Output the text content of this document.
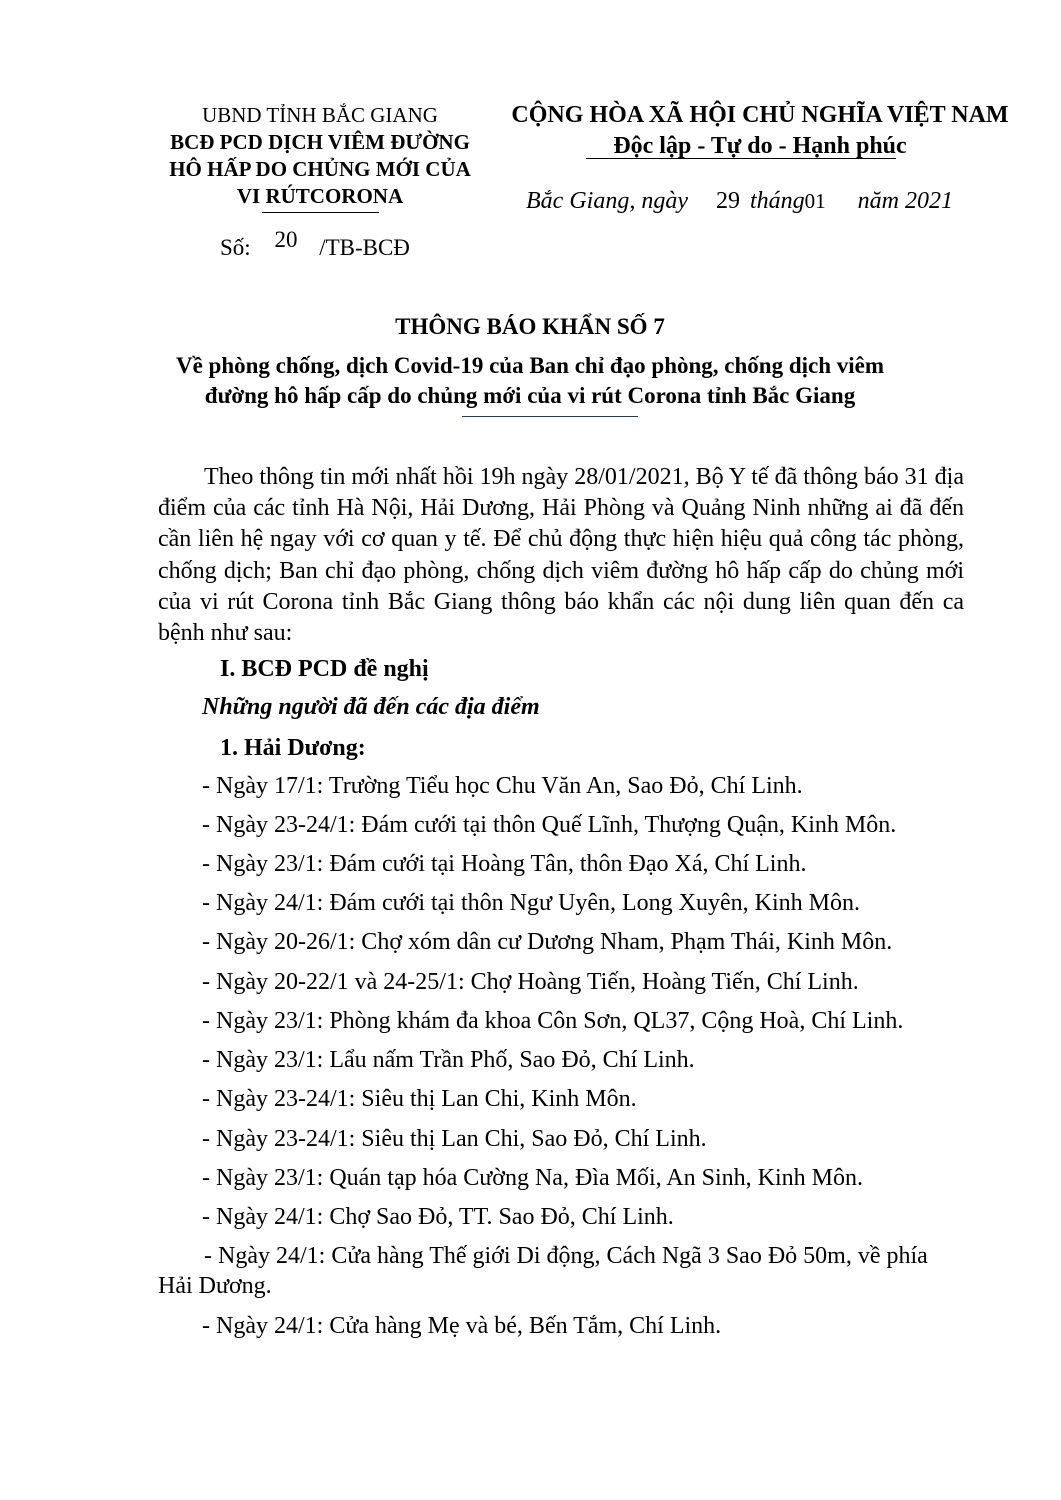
UBND TỈNH BẮC GIANG
BCĐ PCD DỊCH VIÊM ĐƯỜNG
HÔ HẤP DO CHỦNG MỚI CỦA
VI RÚTCORONA
Số: 20 /TB-BCĐ
CỘNG HÒA XÃ HỘI CHỦ NGHĨA VIỆT NAM
Độc lập - Tự do - Hạnh phúc
Bắc Giang, ngày 29 tháng01 năm 2021
THÔNG BÁO KHẨN SỐ 7
Về phòng chống, dịch Covid-19 của Ban chỉ đạo phòng, chống dịch viêm
đường hô hấp cấp do chủng mới của vi rút Corona tỉnh Bắc Giang
Theo thông tin mới nhất hồi 19h ngày 28/01/2021, Bộ Y tế đã thông báo 31 địa điểm của các tỉnh Hà Nội, Hải Dương, Hải Phòng và Quảng Ninh những ai đã đến cần liên hệ ngay với cơ quan y tế. Để chủ động thực hiện hiệu quả công tác phòng, chống dịch; Ban chỉ đạo phòng, chống dịch viêm đường hô hấp cấp do chủng mới của vi rút Corona tỉnh Bắc Giang thông báo khẩn các nội dung liên quan đến ca bệnh như sau:
I. BCĐ PCD đề nghị
Những người đã đến các địa điểm
1. Hải Dương:
- Ngày 17/1: Trường Tiểu học Chu Văn An, Sao Đỏ, Chí Linh.
- Ngày 23-24/1: Đám cưới tại thôn Quế Lĩnh, Thượng Quận, Kinh Môn.
- Ngày 23/1: Đám cưới tại Hoàng Tân, thôn Đạo Xá, Chí Linh.
- Ngày 24/1: Đám cưới tại thôn Ngư Uyên, Long Xuyên, Kinh Môn.
- Ngày 20-26/1: Chợ xóm dân cư Dương Nham, Phạm Thái, Kinh Môn.
- Ngày 20-22/1 và 24-25/1: Chợ Hoàng Tiến, Hoàng Tiến, Chí Linh.
- Ngày 23/1: Phòng khám đa khoa Côn Sơn, QL37, Cộng Hoà, Chí Linh.
- Ngày 23/1: Lẩu nấm Trần Phố, Sao Đỏ, Chí Linh.
- Ngày 23-24/1: Siêu thị Lan Chi, Kinh Môn.
- Ngày 23-24/1: Siêu thị Lan Chi, Sao Đỏ, Chí Linh.
- Ngày 23/1: Quán tạp hóa Cường Na, Đìa Mối, An Sinh, Kinh Môn.
- Ngày 24/1: Chợ Sao Đỏ, TT. Sao Đỏ, Chí Linh.
- Ngày 24/1: Cửa hàng Thế giới Di động, Cách Ngã 3 Sao Đỏ 50m, về phía Hải Dương.
- Ngày 24/1: Cửa hàng Mẹ và bé, Bến Tắm, Chí Linh.
